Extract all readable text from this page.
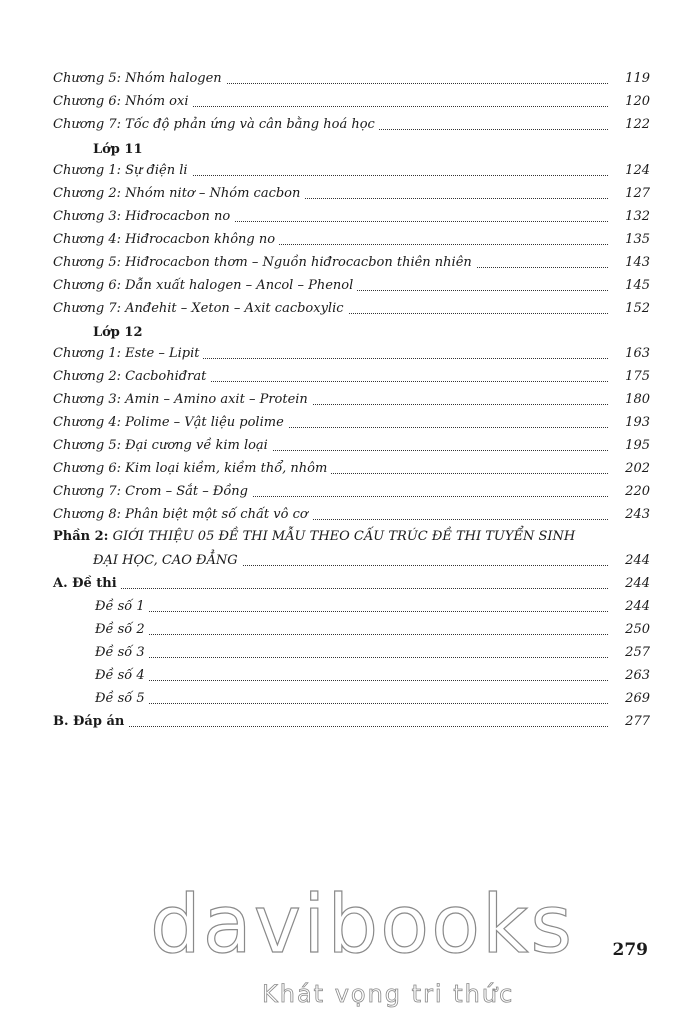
Chương 5: Nhóm halogen	119
Chương 6: Nhóm oxi	120
Chương 7: Tốc độ phản ứng và cân bằng hoá học	122
Lớp 11
Chương 1: Sự điện li	124
Chương 2: Nhóm nitơ – Nhóm cacbon	127
Chương 3: Hiđrocacbon no	132
Chương 4: Hiđrocacbon không no	135
Chương 5: Hiđrocacbon thơm – Nguồn hiđrocacbon thiên nhiên	143
Chương 6: Dẫn xuất halogen – Ancol – Phenol	145
Chương 7: Anđehit – Xeton – Axit cacboxylic	152
Lớp 12
Chương 1: Este – Lipit	163
Chương 2: Cacbohiđrat	175
Chương 3: Amin – Amino axit – Protein	180
Chương 4: Polime – Vật liệu polime	193
Chương 5: Đại cương về kim loại	195
Chương 6: Kim loại kiềm, kiềm thổ, nhôm	202
Chương 7: Crom – Sắt – Đồng	220
Chương 8: Phân biệt một số chất vô cơ	243
Phần 2: GIỚI THIỆU 05 ĐỀ THI MẪU THEO CẤU TRÚC ĐỀ THI TUYỂN SINH
ĐẠI HỌC, CAO ĐẲNG	244
A. Đề thi	244
Đề số 1	244
Đề số 2	250
Đề số 3	257
Đề số 4	263
Đề số 5	269
B. Đáp án	277
davibooks
Khát vọng tri thức
279
